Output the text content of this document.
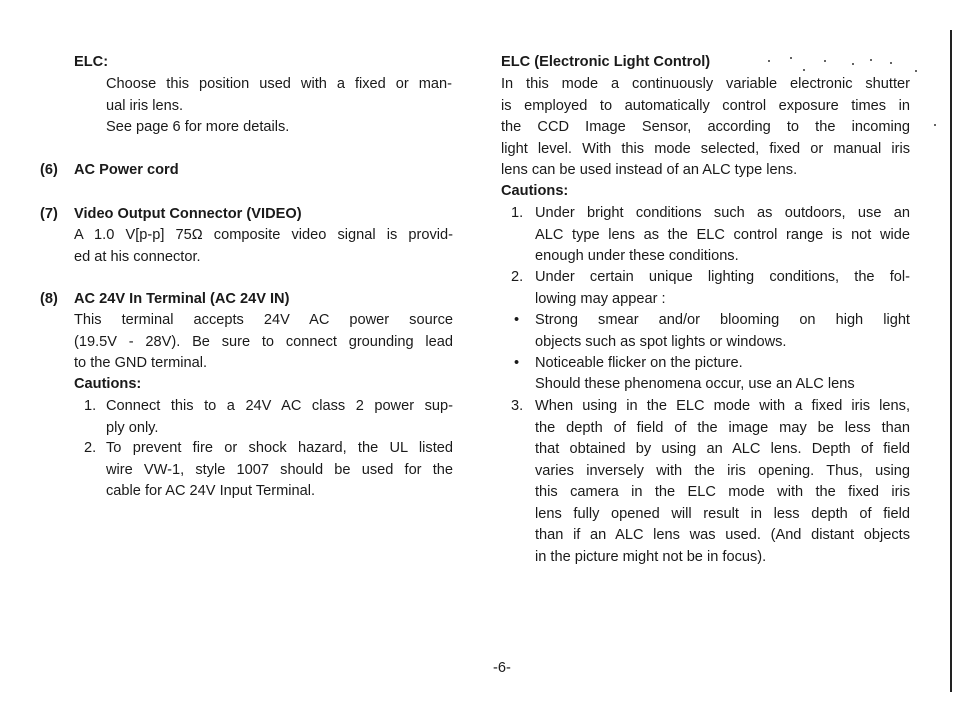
ELC:
Choose this position used with a fixed or man-
ual iris lens.
See page 6 for more details.
(6) AC Power cord
(7) Video Output Connector (VIDEO)
A 1.0 V[p-p] 75Ω composite video signal is provid-
ed at his connector.
(8) AC 24V In Terminal (AC 24V IN)
This terminal accepts 24V AC power source
(19.5V - 28V). Be sure to connect grounding lead
to the GND terminal.
Cautions:
1. Connect this to a 24V AC class 2 power sup-
ply only.
2. To prevent fire or shock hazard, the UL listed
wire VW-1, style 1007 should be used for the
cable for AC 24V Input Terminal.
ELC (Electronic Light Control)
In this mode a continuously variable electronic shutter
is employed to automatically control exposure times in
the CCD Image Sensor, according to the incoming
light level. With this mode selected, fixed or manual iris
lens can be used instead of an ALC type lens.
Cautions:
1. Under bright conditions such as outdoors, use an
ALC type lens as the ELC control range is not wide
enough under these conditions.
2. Under certain unique lighting conditions, the fol-
lowing may appear :
• Strong smear and/or blooming on high light
objects such as spot lights or windows.
• Noticeable flicker on the picture.
Should these phenomena occur, use an ALC lens
3. When using in the ELC mode with a fixed iris lens,
the depth of field of the image may be less than
that obtained by using an ALC lens. Depth of field
varies inversely with the iris opening. Thus, using
this camera in the ELC mode with the fixed iris
lens fully opened will result in less depth of field
than if an ALC lens was used. (And distant objects
in the picture might not be in focus).
-6-
